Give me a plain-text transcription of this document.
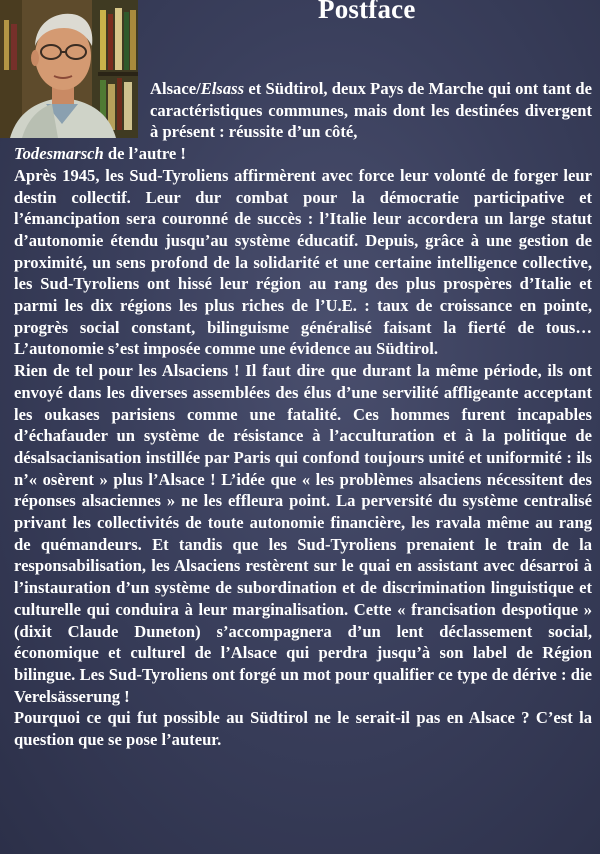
Postface

Alsace/Elsass et Südtirol, deux Pays de Marche qui ont tant de caractéristiques communes, mais dont les destinées divergent à présent : réussite d’un côté,

Todesmarsch de l’autre !

Après 1945, les Sud-Tyroliens affirmèrent avec force leur volonté de forger leur destin collectif. Leur dur combat pour la démocratie participative et l’émancipation sera couronné de succès : l’Italie leur accordera un large statut d’autonomie étendu jusqu’au système éducatif. Depuis, grâce à une gestion de proximité, un sens profond de la solidarité et une certaine intelligence collective, les Sud-Tyroliens ont hissé leur région au rang des plus prospères d’Italie et parmi les dix régions les plus riches de l’U.E. : taux de croissance en pointe, progrès social constant, bilinguisme généralisé faisant la fierté de tous… L’autonomie s’est imposée comme une évidence au Südtirol.

Rien de tel pour les Alsaciens ! Il faut dire que durant la même période, ils ont envoyé dans les diverses assemblées des élus d’une servilité affligeante acceptant les oukases parisiens comme une fatalité. Ces hommes furent incapables d’échafauder un système de résistance à l’acculturation et à la politique de désalsacianisation instillée par Paris qui confond toujours unité et uniformité : ils n’« osèrent » plus l’Alsace ! L’idée que « les problèmes alsaciens nécessitent des réponses alsaciennes » ne les effleura point. La perversité du système centralisé privant les collectivités de toute autonomie financière, les ravala même au rang de quémandeurs. Et tandis que les Sud-Tyroliens prenaient le train de la responsabilisation, les Alsaciens restèrent sur le quai en assistant avec désarroi à l’instauration d’un système de subordination et de discrimination linguistique et culturelle qui conduira à leur marginalisation. Cette « francisation despotique » (dixit Claude Duneton) s’accompagnera d’un lent déclassement social, économique et culturel de l’Alsace qui perdra jusqu’à son label de Région bilingue. Les Sud-Tyroliens ont forgé un mot pour qualifier ce type de dérive : die Verelsässerung !

Pourquoi ce qui fut possible au Südtirol ne le serait-il pas en Alsace ? C’est la question que se pose l’auteur.
